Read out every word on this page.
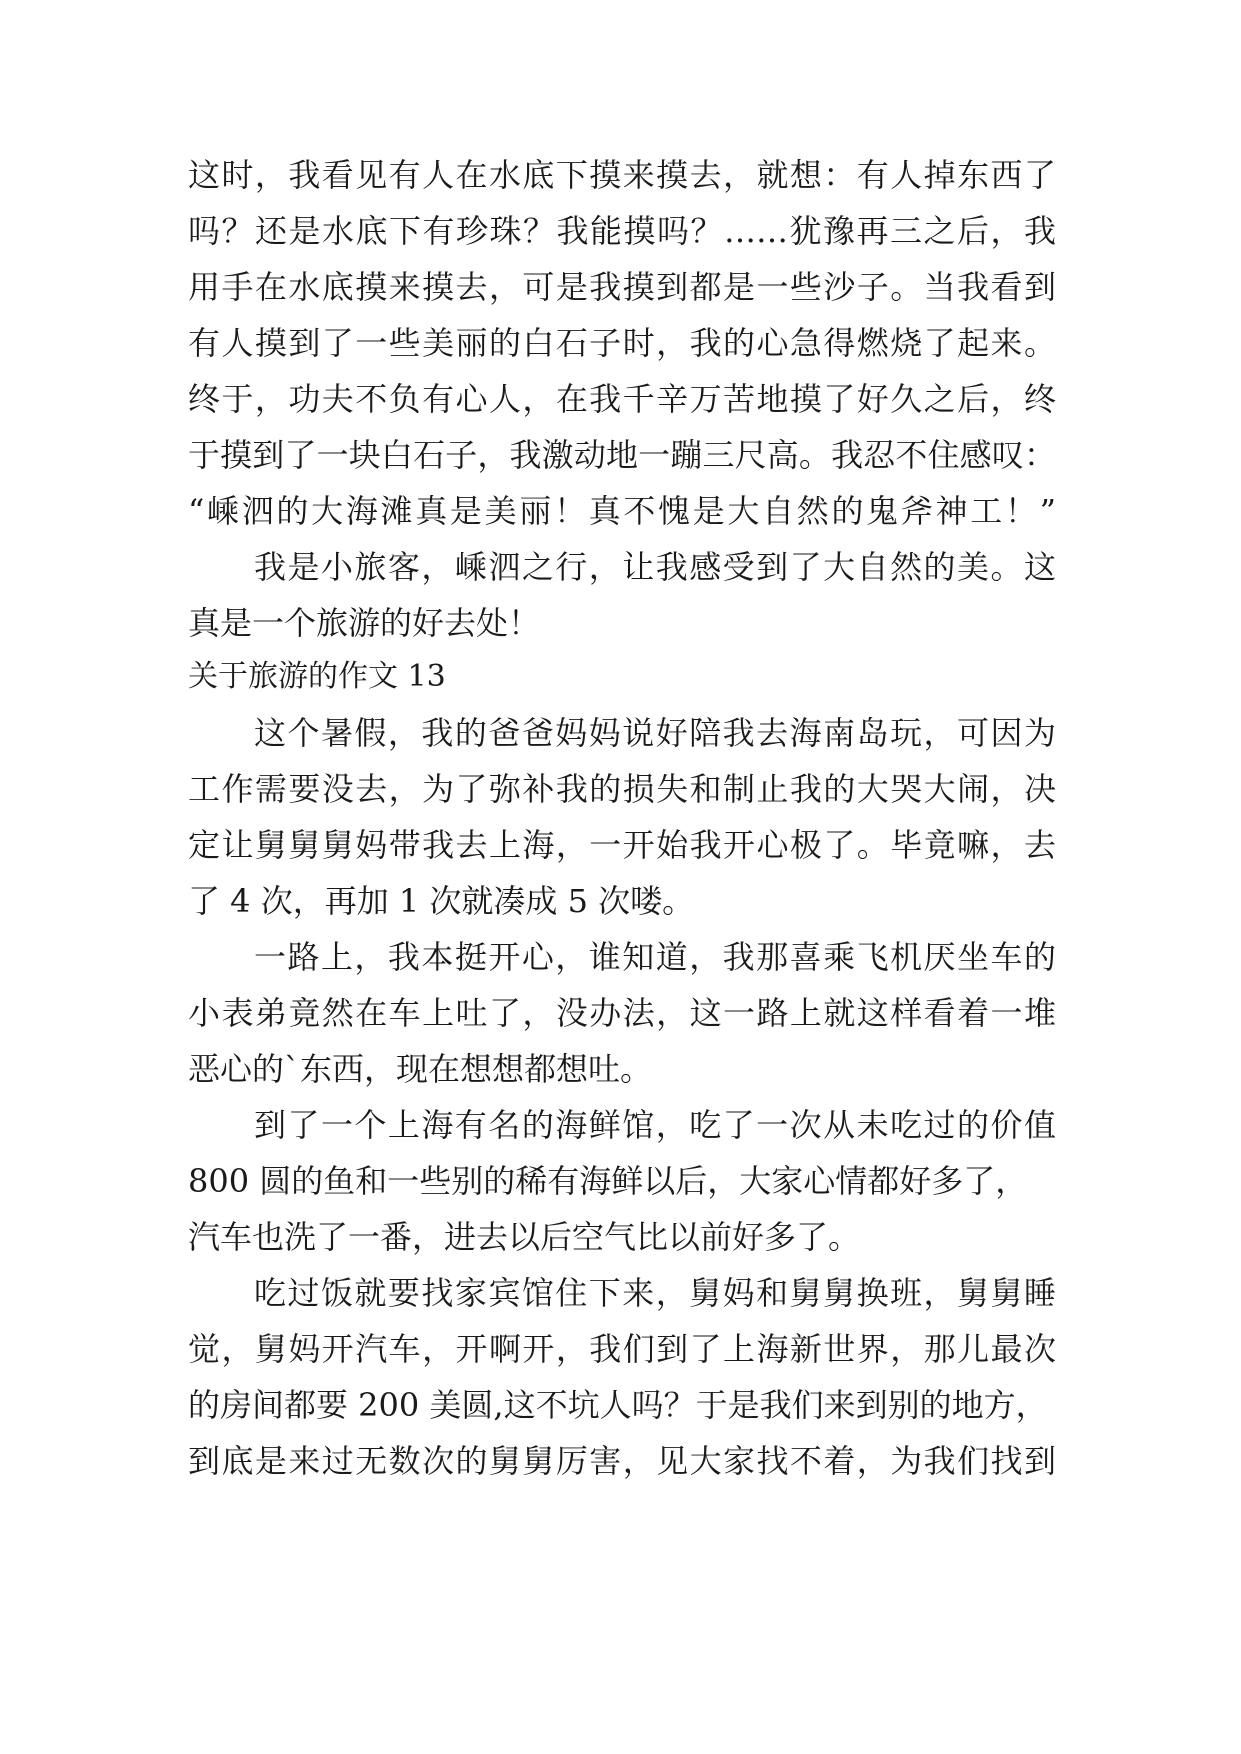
这时，我看见有人在水底下摸来摸去，就想：有人掉东西了
吗？还是水底下有珍珠？我能摸吗？……犹豫再三之后，我
用手在水底摸来摸去，可是我摸到都是一些沙子。当我看到
有人摸到了一些美丽的白石子时，我的心急得燃烧了起来。
终于，功夫不负有心人，在我千辛万苦地摸了好久之后，终
于摸到了一块白石子，我激动地一蹦三尺高。我忍不住感叹：
“嵊泗的大海滩真是美丽！真不愧是大自然的鬼斧神工！”
我是小旅客，嵊泗之行，让我感受到了大自然的美。这
真是一个旅游的好去处！
关于旅游的作文 13
这个暑假，我的爸爸妈妈说好陪我去海南岛玩，可因为
工作需要没去，为了弥补我的损失和制止我的大哭大闹，决
定让舅舅舅妈带我去上海，一开始我开心极了。毕竟嘛，去
了 4 次，再加 1 次就凑成 5 次喽。
一路上，我本挺开心，谁知道，我那喜乘飞机厌坐车的
小表弟竟然在车上吐了，没办法，这一路上就这样看着一堆
恶心的`东西，现在想想都想吐。
到了一个上海有名的海鲜馆，吃了一次从未吃过的价值
800 圆的鱼和一些别的稀有海鲜以后，大家心情都好多了，
汽车也洗了一番，进去以后空气比以前好多了。
吃过饭就要找家宾馆住下来，舅妈和舅舅换班，舅舅睡
觉，舅妈开汽车，开啊开，我们到了上海新世界，那儿最次
的房间都要 200 美圆,这不坑人吗？于是我们来到别的地方，
到底是来过无数次的舅舅厉害，见大家找不着，为我们找到
